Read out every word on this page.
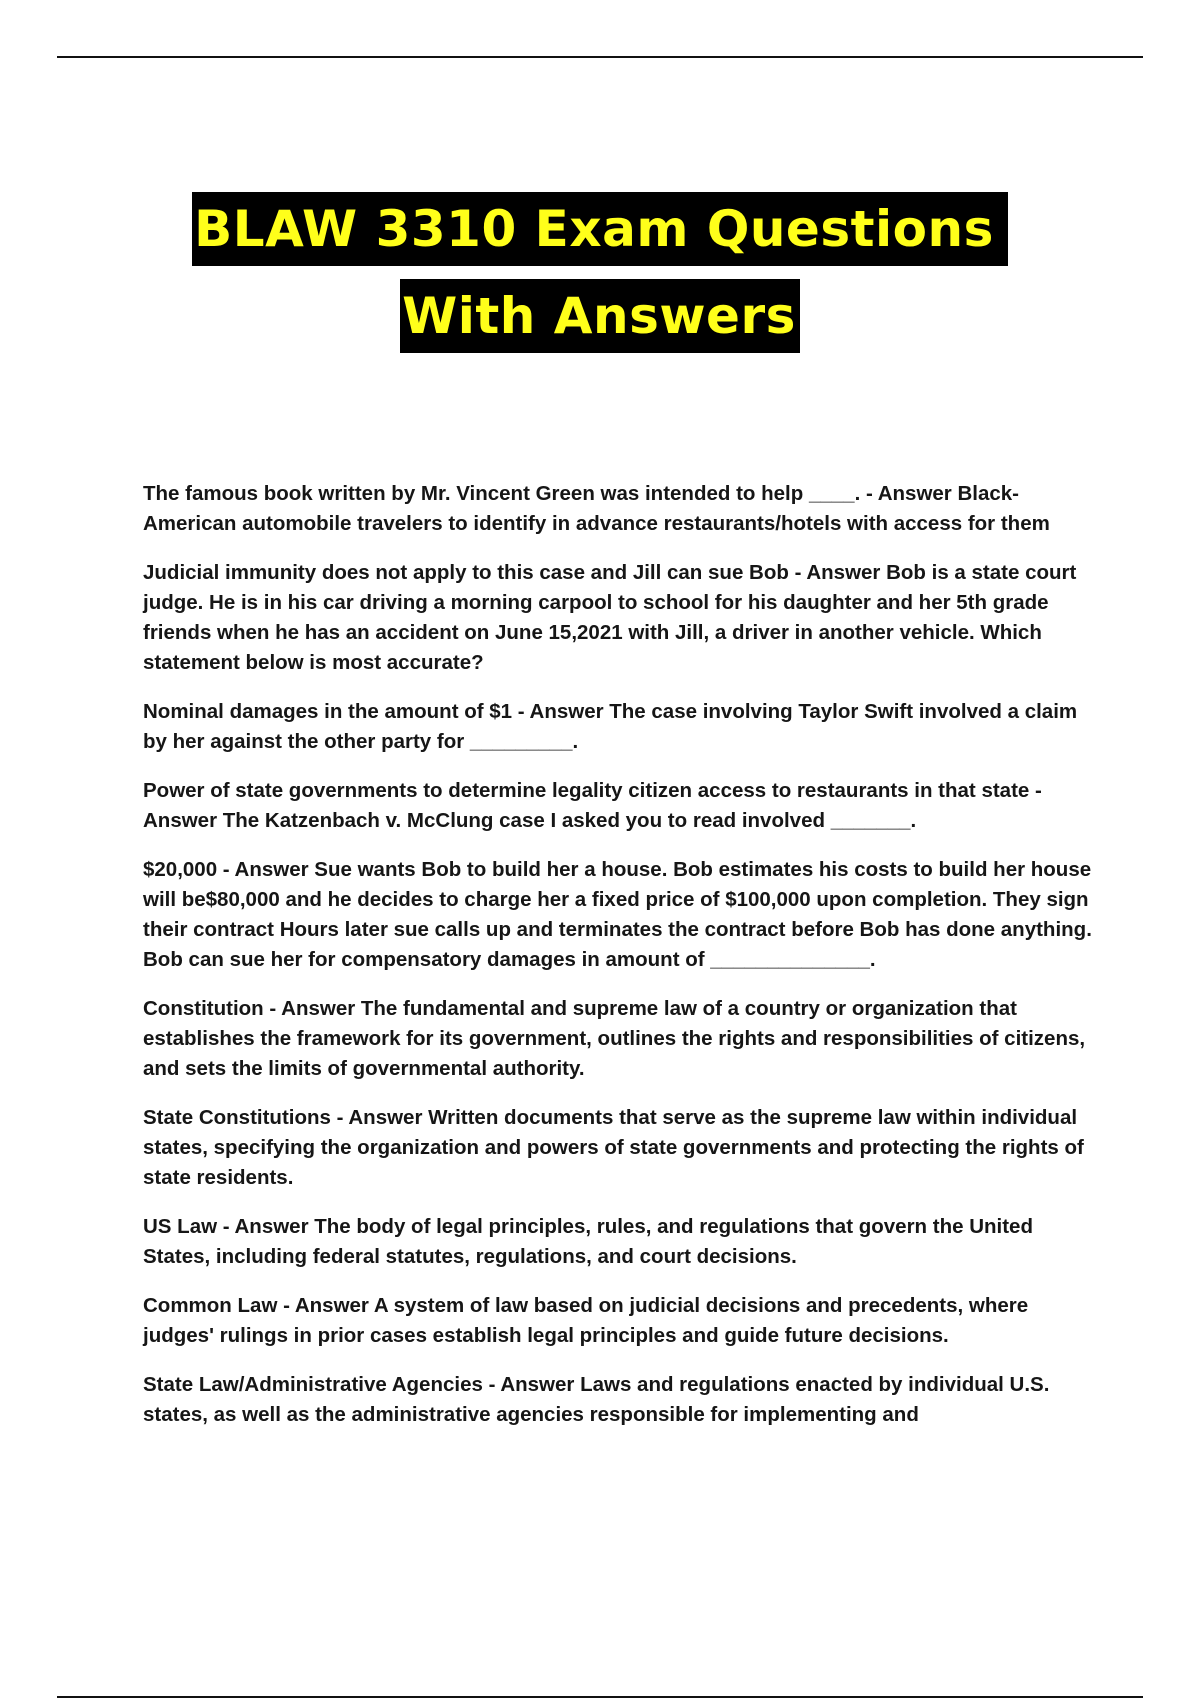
BLAW 3310 Exam Questions
With Answers

The famous book written by Mr. Vincent Green was intended to help ____. - Answer Black-American automobile travelers to identify in advance restaurants/hotels with access for them

Judicial immunity does not apply to this case and Jill can sue Bob - Answer Bob is a state court judge. He is in his car driving a morning carpool to school for his daughter and her 5th grade friends when he has an accident on June 15,2021 with Jill, a driver in another vehicle. Which statement below is most accurate?

Nominal damages in the amount of $1 - Answer The case involving Taylor Swift involved a claim by her against the other party for _________.

Power of state governments to determine legality citizen access to restaurants in that state - Answer The Katzenbach v. McClung case I asked you to read involved _______.

$20,000 - Answer Sue wants Bob to build her a house. Bob estimates his costs to build her house will be$80,000 and he decides to charge her a fixed price of $100,000 upon completion. They sign their contract Hours later sue calls up and terminates the contract before Bob has done anything. Bob can sue her for compensatory damages in amount of ______________.

Constitution - Answer The fundamental and supreme law of a country or organization that establishes the framework for its government, outlines the rights and responsibilities of citizens, and sets the limits of governmental authority.

State Constitutions - Answer Written documents that serve as the supreme law within individual states, specifying the organization and powers of state governments and protecting the rights of state residents.

US Law - Answer The body of legal principles, rules, and regulations that govern the United States, including federal statutes, regulations, and court decisions.

Common Law - Answer A system of law based on judicial decisions and precedents, where judges' rulings in prior cases establish legal principles and guide future decisions.

State Law/Administrative Agencies - Answer Laws and regulations enacted by individual U.S. states, as well as the administrative agencies responsible for implementing and
